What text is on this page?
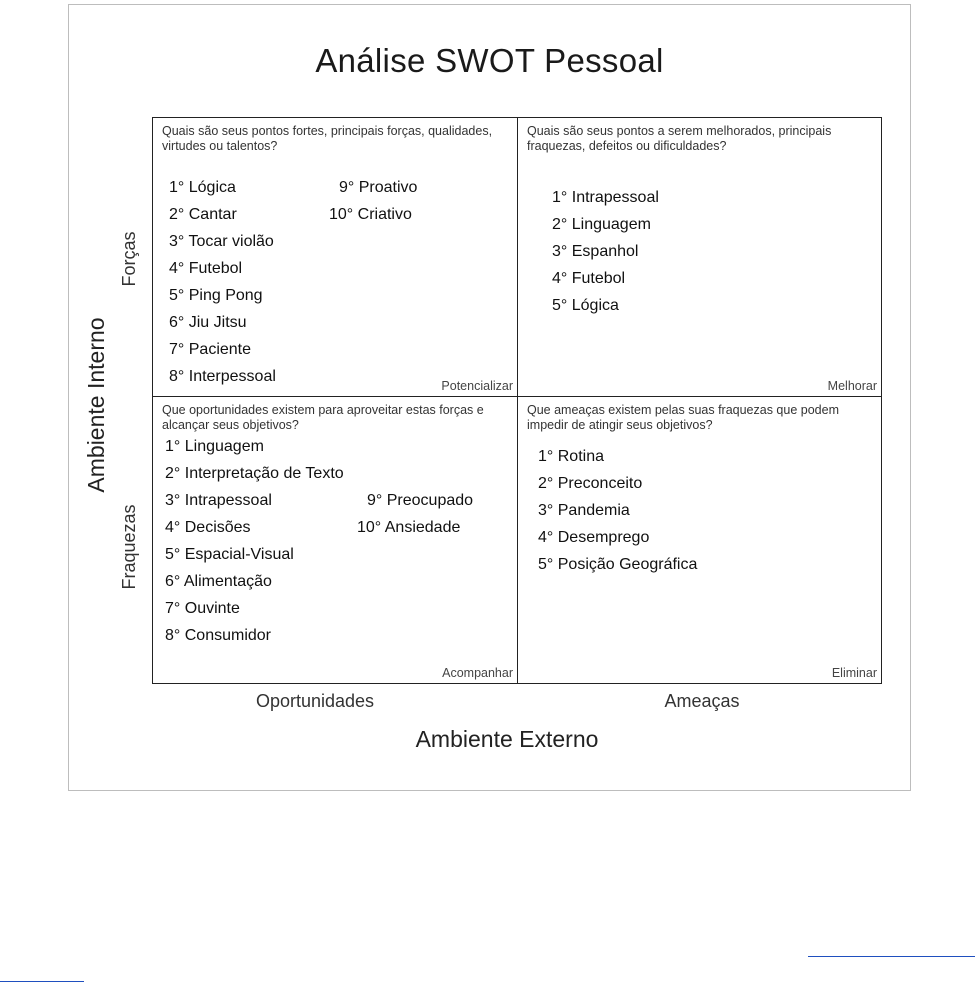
Análise SWOT Pessoal
Ambiente Interno
Forças
Fraquezas

Quais são seus pontos fortes, principais forças, qualidades, virtudes ou talentos?

1° Lógica
2° Cantar
3° Tocar violão
4° Futebol
5° Ping Pong
6° Jiu Jitsu
7° Paciente
8° Interpessoal
9° Proativo
10° Criativo
Potencializar

Quais são seus pontos a serem melhorados, principais fraquezas, defeitos ou dificuldades?

1° Intrapessoal
2° Linguagem
3° Espanhol
4° Futebol
5° Lógica
Melhorar

Que oportunidades existem para aproveitar estas forças e alcançar seus objetivos?

1° Linguagem
2° Interpretação de Texto
3° Intrapessoal
4° Decisões
5° Espacial-Visual
6° Alimentação
7° Ouvinte
8° Consumidor
9° Preocupado
10° Ansiedade
Acompanhar

Que ameaças existem pelas suas fraquezas que podem impedir de atingir seus objetivos?

1° Rotina
2° Preconceito
3° Pandemia
4° Desemprego
5° Posição Geográfica
Eliminar
Oportunidades	Ameaças
Ambiente Externo
